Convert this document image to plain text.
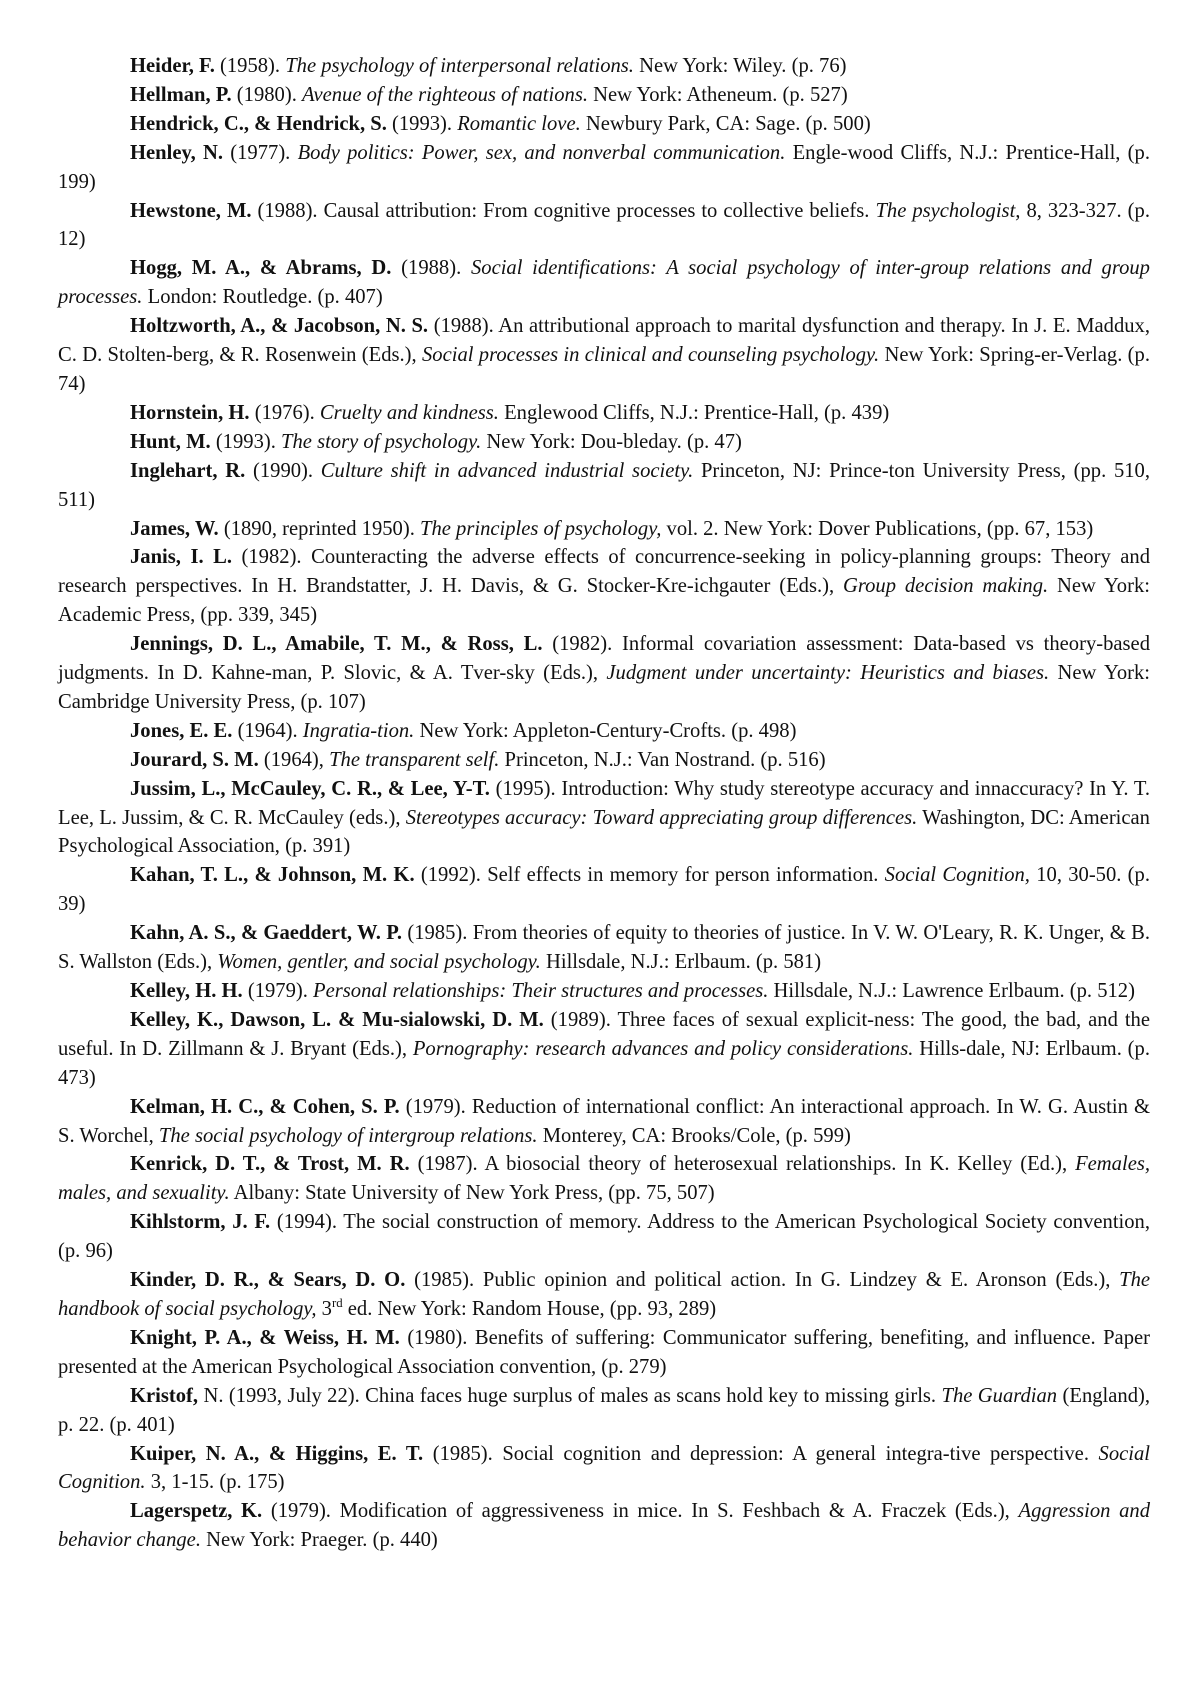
Heider, F. (1958). The psychology of interpersonal relations. New York: Wiley. (p. 76)

Hellman, P. (1980). Avenue of the righteous of nations. New York: Atheneum. (p. 527)

Hendrick, C., & Hendrick, S. (1993). Romantic love. Newbury Park, CA: Sage. (p. 500)

Henley, N. (1977). Body politics: Power, sex, and nonverbal communication. Engle-wood Cliffs, N.J.: Prentice-Hall, (p. 199)

Hewstone, M. (1988). Causal attribution: From cognitive processes to collective beliefs. The psychologist, 8, 323-327. (p. 12)

Hogg, M. A., & Abrams, D. (1988). Social identifications: A social psychology of inter-group relations and group processes. London: Routledge. (p. 407)

Holtzworth, A., & Jacobson, N. S. (1988). An attributional approach to marital dysfunction and therapy. In J. E. Maddux, C. D. Stolten-berg, & R. Rosenwein (Eds.), Social processes in clinical and counseling psychology. New York: Spring-er-Verlag. (p. 74)

Hornstein, H. (1976). Cruelty and kindness. Englewood Cliffs, N.J.: Prentice-Hall, (p. 439)

Hunt, M. (1993). The story of psychology. New York: Dou-bleday. (p. 47)

Inglehart, R. (1990). Culture shift in advanced industrial society. Princeton, NJ: Prince-ton University Press, (pp. 510, 511)

James, W. (1890, reprinted 1950). The principles of psychology, vol. 2. New York: Dover Publications, (pp. 67, 153)

Janis, I. L. (1982). Counteracting the adverse effects of concurrence-seeking in policy-planning groups: Theory and research perspectives. In H. Brandstatter, J. H. Davis, & G. Stocker-Kre-ichgauter (Eds.), Group decision making. New York: Academic Press, (pp. 339, 345)

Jennings, D. L., Amabile, T. M., & Ross, L. (1982). Informal covariation assessment: Data-based vs theory-based judgments. In D. Kahne-man, P. Slovic, & A. Tver-sky (Eds.), Judgment under uncertainty: Heuristics and biases. New York: Cambridge University Press, (p. 107)

Jones, E. E. (1964). Ingratia-tion. New York: Appleton-Century-Crofts. (p. 498)

Jourard, S. M. (1964), The transparent self. Princeton, N.J.: Van Nostrand. (p. 516)

Jussim, L., McCauley, C. R., & Lee, Y-T. (1995). Introduction: Why study stereotype accuracy and innaccuracy? In Y. T. Lee, L. Jussim, & C. R. McCauley (eds.), Stereotypes accuracy: Toward appreciating group differences. Washington, DC: American Psychological Association, (p. 391)

Kahan, T. L., & Johnson, M. K. (1992). Self effects in memory for person information. Social Cognition, 10, 30-50. (p. 39)

Kahn, A. S., & Gaeddert, W. P. (1985). From theories of equity to theories of justice. In V. W. O'Leary, R. K. Unger, & B. S. Wallston (Eds.), Women, gentler, and social psychology. Hillsdale, N.J.: Erlbaum. (p. 581)

Kelley, H. H. (1979). Personal relationships: Their structures and processes. Hillsdale, N.J.: Lawrence Erlbaum. (p. 512)

Kelley, K., Dawson, L. & Mu-sialowski, D. M. (1989). Three faces of sexual explicit-ness: The good, the bad, and the useful. In D. Zillmann & J. Bryant (Eds.), Pornography: research advances and policy considerations. Hills-dale, NJ: Erlbaum. (p. 473)

Kelman, H. C., & Cohen, S. P. (1979). Reduction of international conflict: An interactional approach. In W. G. Austin & S. Worchel, The social psychology of intergroup relations. Monterey, CA: Brooks/Cole, (p. 599)

Kenrick, D. T., & Trost, M. R. (1987). A biosocial theory of heterosexual relationships. In K. Kelley (Ed.), Females, males, and sexuality. Albany: State University of New York Press, (pp. 75, 507)

Kihlstorm, J. F. (1994). The social construction of memory. Address to the American Psychological Society convention, (p. 96)

Kinder, D. R., & Sears, D. O. (1985). Public opinion and political action. In G. Lindzey & E. Aronson (Eds.), The handbook of social psychology, 3rd ed. New York: Random House, (pp. 93, 289)

Knight, P. A., & Weiss, H. M. (1980). Benefits of suffering: Communicator suffering, benefiting, and influence. Paper presented at the American Psychological Association convention, (p. 279)

Kristof, N. (1993, July 22). China faces huge surplus of males as scans hold key to missing girls. The Guardian (England), p. 22. (p. 401)

Kuiper, N. A., & Higgins, E. T. (1985). Social cognition and depression: A general integra-tive perspective. Social Cognition. 3, 1-15. (p. 175)

Lagerspetz, K. (1979). Modification of aggressiveness in mice. In S. Feshbach & A. Fraczek (Eds.), Aggression and behavior change. New York: Praeger. (p. 440)
